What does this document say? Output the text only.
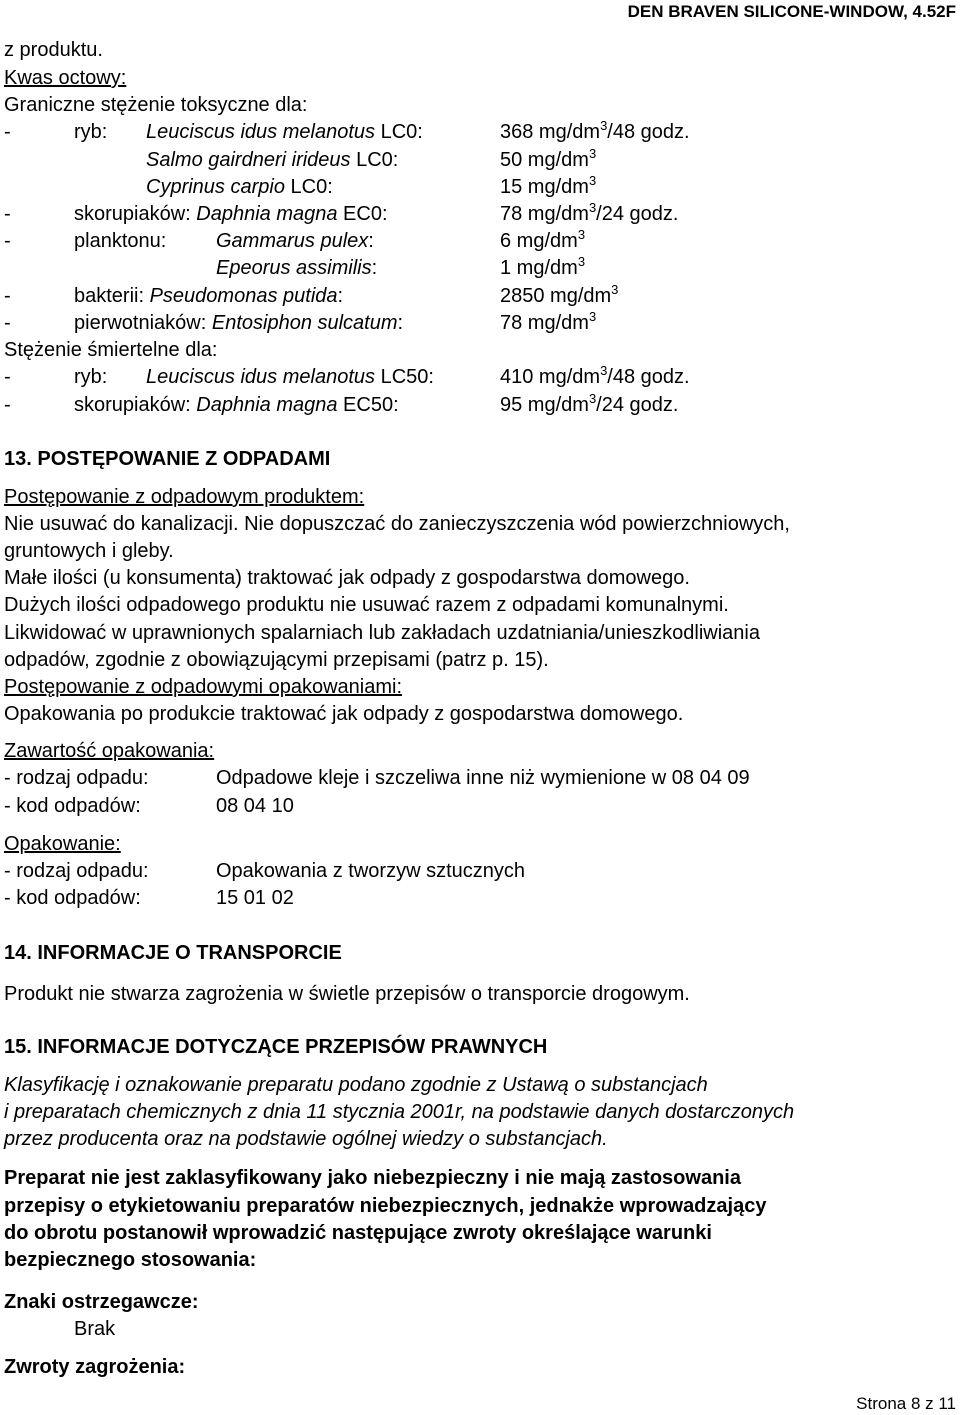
DEN BRAVEN SILICONE-WINDOW, 4.52F
z produktu.
Kwas octowy:
Graniczne stężenie toksyczne dla:
-	ryb: Leuciscus idus melanotus LC0:	368 $mg/dm^3/48$ godz.
Salmo gairdneri irideus LC0:	50 $mg/dm^3$
Cyprinus carpio LC0:	15 $mg/dm^3$
-	skorupiaków: Daphnia magna EC0:	78 $mg/dm^3/24$ godz.
-	planktonu: Gammarus pulex:	6 $mg/dm^3$
Epeorus assimilis:	1 $mg/dm^3$
-	bakterii: Pseudomonas putida:	2850 $mg/dm^3$
-	pierwotniaków: Entosiphon sulcatum:	78 $mg/dm^3$
Stężenie śmiertelne dla:
-	ryb: Leuciscus idus melanotus LC50:	410 $mg/dm^3/48$ godz.
-	skorupiaków: Daphnia magna EC50:	95 $mg/dm^3/24$ godz.
13. POSTĘPOWANIE Z ODPADAMI
Postępowanie z odpadowym produktem:
Nie usuwać do kanalizacji. Nie dopuszczać do zanieczyszczenia wód powierzchniowych,
gruntowych i gleby.
Małe ilości (u konsumenta) traktować jak odpady z gospodarstwa domowego.
Dużych ilości odpadowego produktu nie usuwać razem z odpadami komunalnymi.
Likwidować w uprawnionych spalarniach lub zakładach uzdatniania/unieszkodliwiania
odpadów, zgodnie z obowiązującymi przepisami (patrz p. 15).
Postępowanie z odpadowymi opakowaniami:
Opakowania po produkcie traktować jak odpady z gospodarstwa domowego.
Zawartość opakowania:
- rodzaj odpadu:	Odpadowe kleje i szczeliwa inne niż wymienione w 08 04 09
- kod odpadów:	08 04 10
Opakowanie:
- rodzaj odpadu:	Opakowania z tworzyw sztucznych
- kod odpadów:	15 01 02
14. INFORMACJE O TRANSPORCIE
Produkt nie stwarza zagrożenia w świetle przepisów o transporcie drogowym.
15. INFORMACJE DOTYCZĄCE PRZEPISÓW PRAWNYCH
Klasyfikację i oznakowanie preparatu podano zgodnie z Ustawą o substancjach
i preparatach chemicznych z dnia 11 stycznia 2001r, na podstawie danych dostarczonych
przez producenta oraz na podstawie ogólnej wiedzy o substancjach.
Preparat nie jest zaklasyfikowany jako niebezpieczny i nie mają zastosowania
przepisy o etykietowaniu preparatów niebezpiecznych, jednakże wprowadzający
do obrotu postanowił wprowadzić następujące zwroty określające warunki
bezpiecznego stosowania:
Znaki ostrzegawcze:
Brak
Zwroty zagrożenia:
Strona 8 z 11
